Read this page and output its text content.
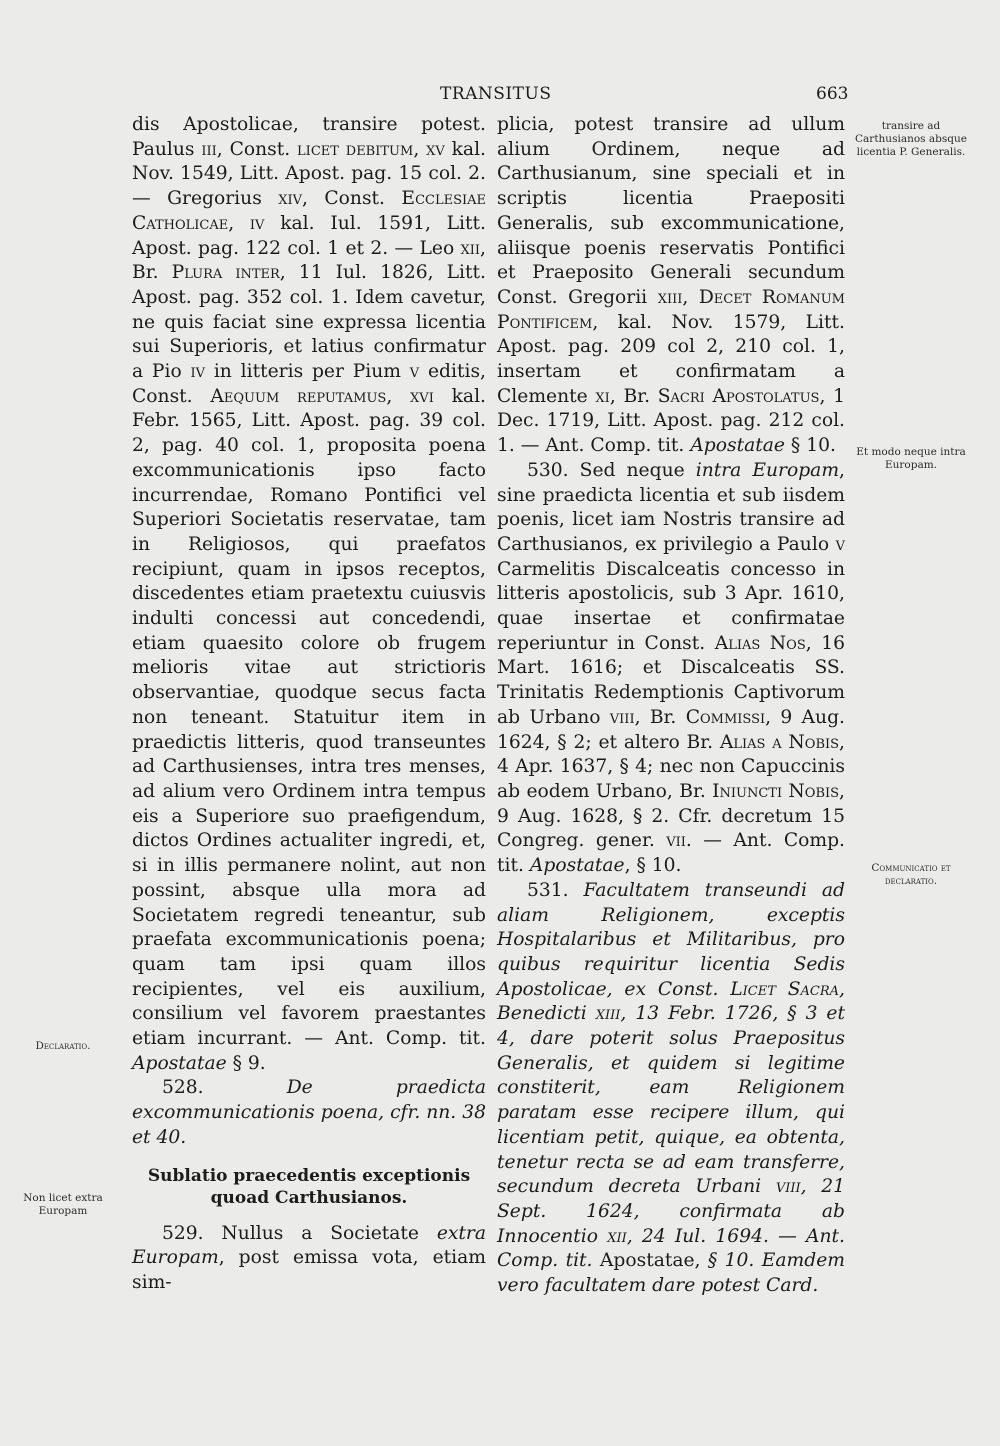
TRANSITUS	663

dis Apostolicae, transire potest. Paulus iii, Const. licet debitum, xv kal. Nov. 1549, Litt. Apost. pag. 15 col. 2. — Gregorius xiv, Const. Ecclesiae Catholicae, iv kal. Iul. 1591, Litt. Apost. pag. 122 col. 1 et 2. — Leo xii, Br. Plura inter, 11 Iul. 1826, Litt. Apost. pag. 352 col. 1. Idem cavetur, ne quis faciat sine expressa licentia sui Superioris, et latius confirmatur a Pio iv in litteris per Pium v editis, Const. Aequum reputamus, xvi kal. Febr. 1565, Litt. Apost. pag. 39 col. 2, pag. 40 col. 1, proposita poena excommunicationis ipso facto incurrendae, Romano Pontifici vel Superiori Societatis reservatae, tam in Religiosos, qui praefatos recipiunt, quam in ipsos receptos, discedentes etiam praetextu cuiusvis indulti concessi aut concedendi, etiam quaesito colore ob frugem melioris vitae aut strictioris observantiae, quodque secus facta non teneant. Statuitur item in praedictis litteris, quod transeuntes ad Carthusienses, intra tres menses, ad alium vero Ordinem intra tempus eis a Superiore suo praefigendum, dictos Ordines actualiter ingredi, et, si in illis permanere nolint, aut non possint, absque ulla mora ad Societatem regredi teneantur, sub praefata excommunicationis poena; quam tam ipsi quam illos recipientes, vel eis auxilium, consilium vel favorem praestantes etiam incurrant. — Ant. Comp. tit. Apostatae § 9.

528. De praedicta excommunicationis poena, cfr. nn. 38 et 40.

Sublatio praecedentis exceptionis
quoad Carthusianos.

529. Nullus a Societate extra Europam, post emissa vota, etiam sim-

plicia, potest transire ad ullum alium Ordinem, neque ad Carthusianum, sine speciali et in scriptis licentia Praepositi Generalis, sub excommunicatione, aliisque poenis reservatis Pontifici et Praeposito Generali secundum Const. Gregorii xiii, Decet Romanum Pontificem, kal. Nov. 1579, Litt. Apost. pag. 209 col 2, 210 col. 1, insertam et confirmatam a Clemente xi, Br. Sacri Apostolatus, 1 Dec. 1719, Litt. Apost. pag. 212 col. 1. — Ant. Comp. tit. Apostatae § 10.

530. Sed neque intra Europam, sine praedicta licentia et sub iisdem poenis, licet iam Nostris transire ad Carthusianos, ex privilegio a Paulo v Carmelitis Discalceatis concesso in litteris apostolicis, sub 3 Apr. 1610, quae insertae et confirmatae reperiuntur in Const. Alias Nos, 16 Mart. 1616; et Discalceatis SS. Trinitatis Redemptionis Captivorum ab Urbano viii, Br. Commissi, 9 Aug. 1624, § 2; et altero Br. Alias a Nobis, 4 Apr. 1637, § 4; nec non Capuccinis ab eodem Urbano, Br. Iniuncti Nobis, 9 Aug. 1628, § 2. Cfr. decretum 15 Congreg. gener. vii. — Ant. Comp. tit. Apostatae, § 10.

531. Facultatem transeundi ad aliam Religionem, exceptis Hospitalaribus et Militaribus, pro quibus requiritur licentia Sedis Apostolicae, ex Const. Licet Sacra, Benedicti xiii, 13 Febr. 1726, § 3 et 4, dare poterit solus Praepositus Generalis, et quidem si legitime constiterit, eam Religionem paratam esse recipere illum, qui licentiam petit, quique, ea obtenta, tenetur recta se ad eam transferre, secundum decreta Urbani viii, 21 Sept. 1624, confirmata ab Innocentio xii, 24 Iul. 1694. — Ant. Comp. tit. Apostatae, § 10. Eamdem vero facultatem dare potest Card.

transire ad Carthusianos absque licentia P. Generalis.
Et modo neque intra Europam.
Communicatio et declaratio.
Declaratio.
Non licet extra Europam
